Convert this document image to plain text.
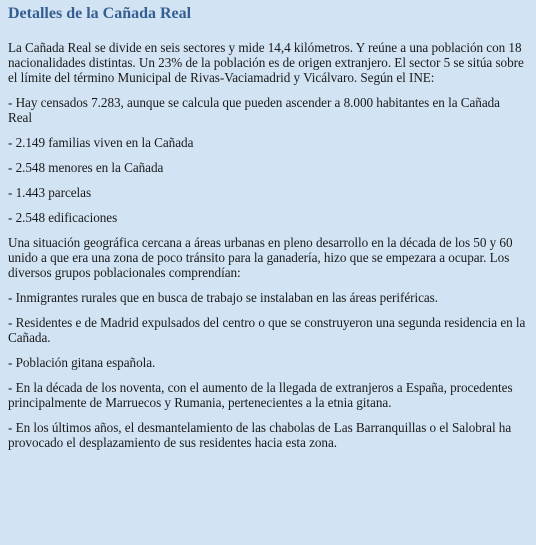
Detalles de la Cañada Real

La Cañada Real se divide en seis sectores y mide 14,4 kilómetros. Y reúne a una población con 18 nacionalidades distintas. Un 23% de la población es de origen extranjero. El sector 5 se sitúa sobre el límite del término Municipal de Rivas-Vaciamadrid y Vicálvaro. Según el INE:

- Hay censados 7.283, aunque se calcula que pueden ascender a 8.000 habitantes en la Cañada Real

- 2.149 familias viven en la Cañada

- 2.548 menores en la Cañada

- 1.443 parcelas

- 2.548 edificaciones

Una situación geográfica cercana a áreas urbanas en pleno desarrollo en la década de los 50 y 60 unido a que era una zona de poco tránsito para la ganadería, hizo que se empezara a ocupar. Los diversos grupos poblacionales comprendían:

- Inmigrantes rurales que en busca de trabajo se instalaban en las áreas periféricas.

- Residentes e de Madrid expulsados del centro o que se construyeron una segunda residencia en la Cañada.

- Población gitana española.

- En la década de los noventa, con el aumento de la llegada de extranjeros a España, procedentes principalmente de Marruecos y Rumania, pertenecientes a la etnia gitana.

- En los últimos años, el desmantelamiento de las chabolas de Las Barranquillas o el Salobral ha provocado el desplazamiento de sus residentes hacia esta zona.
